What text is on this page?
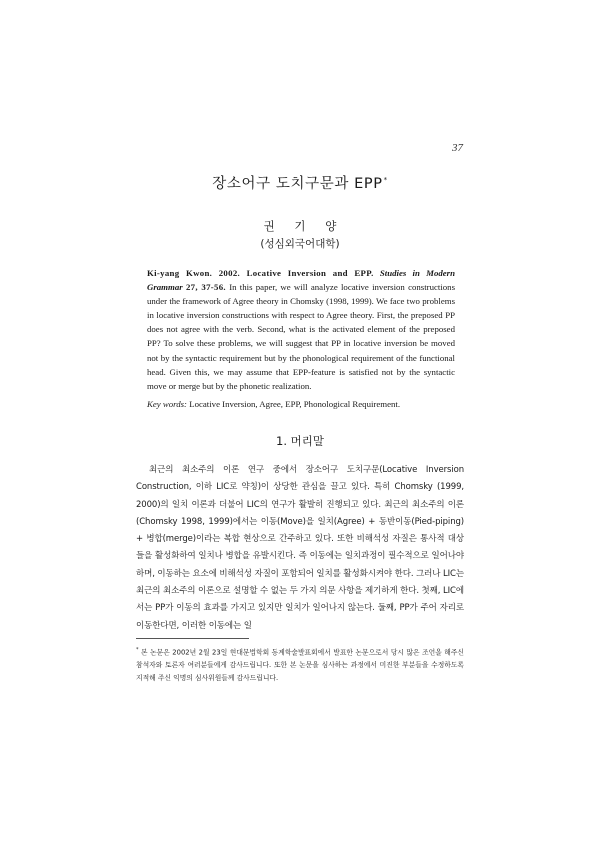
37
장소어구 도치구문과 EPP*
권 기 양
(성심외국어대학)
Ki-yang Kwon. 2002. Locative Inversion and EPP. Studies in Modern Grammar 27, 37-56. In this paper, we will analyze locative inversion constructions under the framework of Agree theory in Chomsky (1998, 1999). We face two problems in locative inversion constructions with respect to Agree theory. First, the preposed PP does not agree with the verb. Second, what is the activated element of the preposed PP? To solve these problems, we will suggest that PP in locative inversion be moved not by the syntactic requirement but by the phonological requirement of the functional head. Given this, we may assume that EPP-feature is satisfied not by the syntactic move or merge but by the phonetic realization.
Key words: Locative Inversion, Agree, EPP, Phonological Requirement.
1. 머리말
최근의 최소주의 이론 연구 중에서 장소어구 도치구문(Locative Inversion Construction, 이하 LIC로 약칭)이 상당한 관심을 끌고 있다. 특히 Chomsky (1999, 2000)의 일치 이론과 더불어 LIC의 연구가 활발히 진행되고 있다. 최근의 최소주의 이론(Chomsky 1998, 1999)에서는 이동(Move)을 일치(Agree) + 동반이동(Pied-piping) + 병합(merge)이라는 복합 현상으로 간주하고 있다. 또한 비해석성 자질은 통사적 대상들을 활성화하여 일치나 병합을 유발시킨다. 즉 이동에는 일치과정이 필수적으로 일어나야 하며, 이동하는 요소에 비해석성 자질이 포함되어 일치를 활성화시켜야 한다. 그러나 LIC는 최근의 최소주의 이론으로 설명할 수 없는 두 가지 의문 사항을 제기하게 한다. 첫째, LIC에서는 PP가 이동의 효과를 가지고 있지만 일치가 일어나지 않는다. 둘째, PP가 주어 자리로 이동한다면, 이러한 이동에는 일
* 본 논문은 2002년 2월 23일 현대문법학회 동계학술발표회에서 발표한 논문으로서 당시 많은 조언을 해주신 참석자와 토론자 여러분들에게 감사드립니다. 또한 본 논문을 심사하는 과정에서 미진한 부분들을 수정하도록 지적해 주신 익명의 심사위원들께 감사드립니다.
